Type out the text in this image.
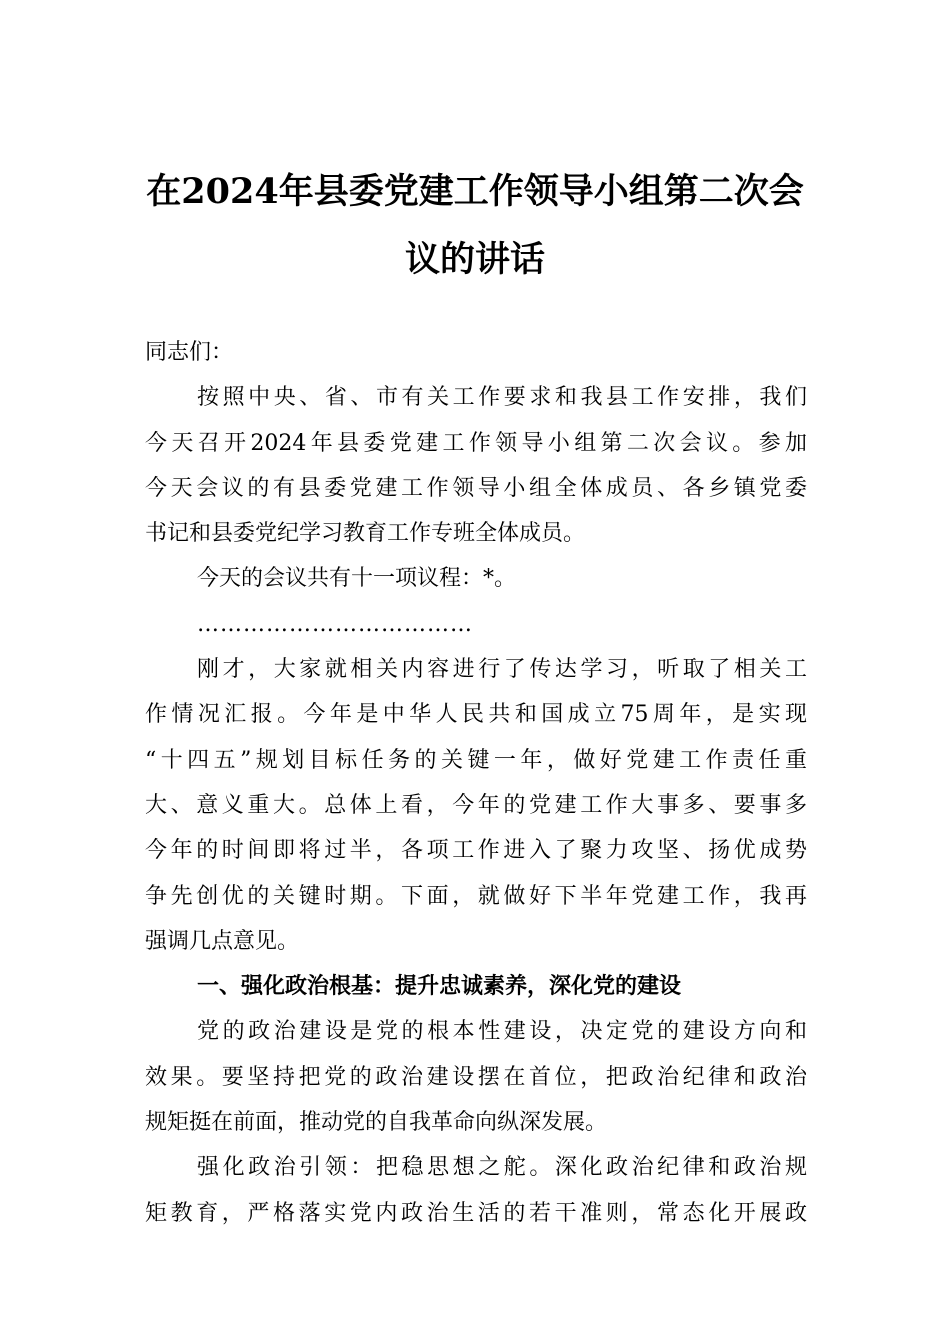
在2024年县委党建工作领导小组第二次会
议的讲话
同志们：
按照中央、省、市有关工作要求和我县工作安排，我们
今天召开2024年县委党建工作领导小组第二次会议。参加
今天会议的有县委党建工作领导小组全体成员、各乡镇党委
书记和县委党纪学习教育工作专班全体成员。
今天的会议共有十一项议程：*。
………………………………
刚才，大家就相关内容进行了传达学习，听取了相关工
作情况汇报。今年是中华人民共和国成立75周年，是实现
“十四五”规划目标任务的关键一年，做好党建工作责任重
大、意义重大。总体上看，今年的党建工作大事多、要事多
今年的时间即将过半，各项工作进入了聚力攻坚、扬优成势
争先创优的关键时期。下面，就做好下半年党建工作，我再
强调几点意见。
一、强化政治根基：提升忠诚素养，深化党的建设
党的政治建设是党的根本性建设，决定党的建设方向和
效果。要坚持把党的政治建设摆在首位，把政治纪律和政治
规矩挺在前面，推动党的自我革命向纵深发展。
强化政治引领：把稳思想之舵。深化政治纪律和政治规
矩教育，严格落实党内政治生活的若干准则，常态化开展政
